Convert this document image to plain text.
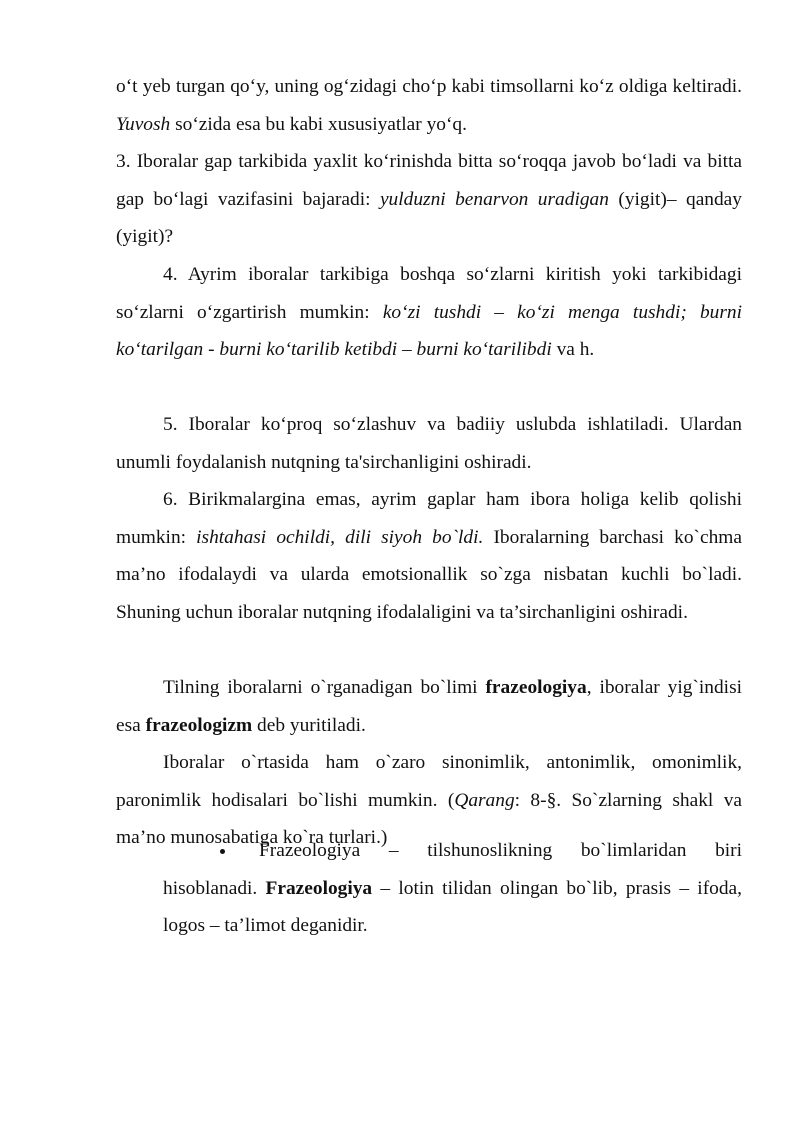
o‘t yeb turgan qo‘y, uning og‘zidagi cho‘p kabi timsollarni ko‘z oldiga keltiradi. Yuvosh so‘zida esa bu kabi xususiyatlar yo‘q.
3. Iboralar gap tarkibida yaxlit ko‘rinishda bitta so‘roqqa javob bo‘ladi va bitta gap bo‘lagi vazifasini bajaradi: yulduzni benarvon uradigan (yigit)– qanday (yigit)?
4. Ayrim iboralar tarkibiga boshqa so‘zlarni kiritish yoki tarkibidagi so‘zlarni o‘zgartirish mumkin: ko‘zi tushdi – ko‘zi menga tushdi; burni ko‘tarilgan - burni ko‘tarilib ketibdi – burni ko‘tarilibdi va h.
5. Iboralar ko‘proq so‘zlashuv va badiiy uslubda ishlatiladi. Ulardan unumli foydalanish nutqning ta'sirchanligini oshiradi.
6. Birikmalargina emas, ayrim gaplar ham ibora holiga kelib qolishi mumkin: ishtahasi ochildi, dili siyoh bo`ldi. Iboralarning barchasi ko`chma ma’no ifodalaydi va ularda emotsionallik so`zga nisbatan kuchli bo`ladi. Shuning uchun iboralar nutqning ifodalaligini va ta’sirchanligini oshiradi.
Tilning iboralarni o`rganadigan bo`limi frazeologiya, iboralar yig`indisi esa frazeologizm deb yuritiladi.
Iboralar o`rtasida ham o`zaro sinonimlik, antonimlik, omonimlik, paronimlik hodisalari bo`lishi mumkin. (Qarang: 8-§. So`zlarning shakl va ma’no munosabatiga ko`ra turlari.)
Frazeologiya – tilshunoslikning bo`limlaridan biri hisoblanadi. Frazeologiya – lotin tilidan olingan bo`lib, prasis – ifoda, logos – ta’limot deganidir.
